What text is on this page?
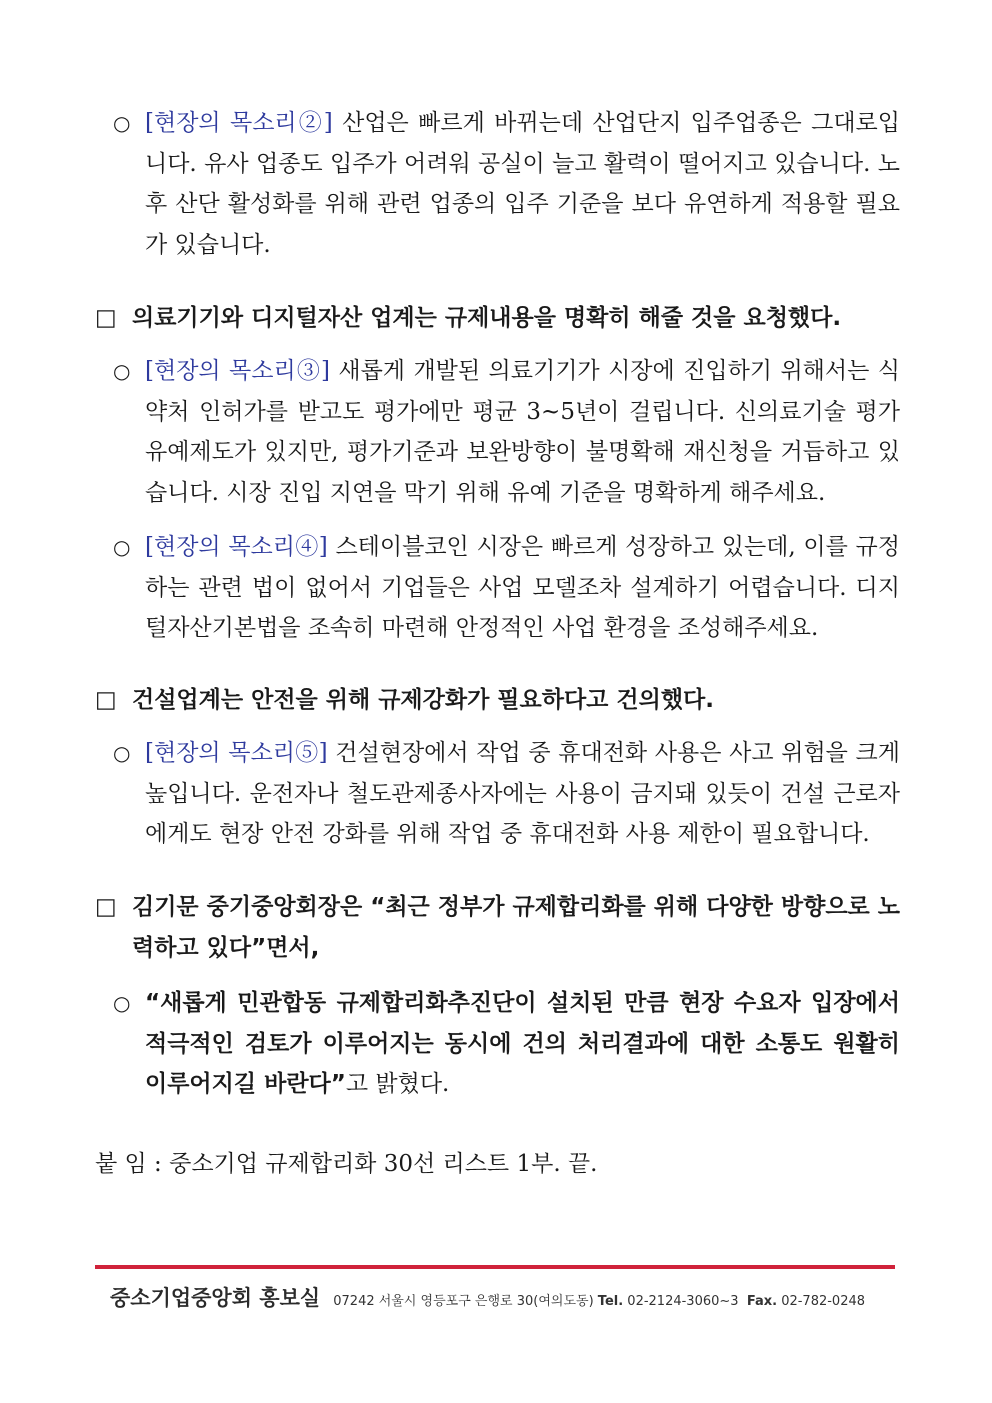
○ [현장의 목소리②] 산업은 빠르게 바뀌는데 산업단지 입주업종은 그대로입니다. 유사 업종도 입주가 어려워 공실이 늘고 활력이 떨어지고 있습니다. 노후 산단 활성화를 위해 관련 업종의 입주 기준을 보다 유연하게 적용할 필요가 있습니다.
□ 의료기기와 디지털자산 업계는 규제내용을 명확히 해줄 것을 요청했다.
○ [현장의 목소리③] 새롭게 개발된 의료기기가 시장에 진입하기 위해서는 식약처 인허가를 받고도 평가에만 평균 3~5년이 걸립니다. 신의료기술 평가 유예제도가 있지만, 평가기준과 보완방향이 불명확해 재신청을 거듭하고 있습니다. 시장 진입 지연을 막기 위해 유예 기준을 명확하게 해주세요.
○ [현장의 목소리④] 스테이블코인 시장은 빠르게 성장하고 있는데, 이를 규정하는 관련 법이 없어서 기업들은 사업 모델조차 설계하기 어렵습니다. 디지털자산기본법을 조속히 마련해 안정적인 사업 환경을 조성해주세요.
□ 건설업계는 안전을 위해 규제강화가 필요하다고 건의했다.
○ [현장의 목소리⑤] 건설현장에서 작업 중 휴대전화 사용은 사고 위험을 크게 높입니다. 운전자나 철도관제종사자에는 사용이 금지돼 있듯이 건설 근로자에게도 현장 안전 강화를 위해 작업 중 휴대전화 사용 제한이 필요합니다.
□ 김기문 중기중앙회장은 “최근 정부가 규제합리화를 위해 다양한 방향으로 노력하고 있다”면서,
○ “새롭게 민관합동 규제합리화추진단이 설치된 만큼 현장 수요자 입장에서 적극적인 검토가 이루어지는 동시에 건의 처리결과에 대한 소통도 원활히 이루어지길 바란다”고 밝혔다.
붙 임 : 중소기업 규제합리화 30선 리스트 1부. 끝.
중소기업중앙회 홍보실 07242 서울시 영등포구 은행로 30(여의도동) Tel. 02-2124-3060~3 Fax. 02-782-0248
